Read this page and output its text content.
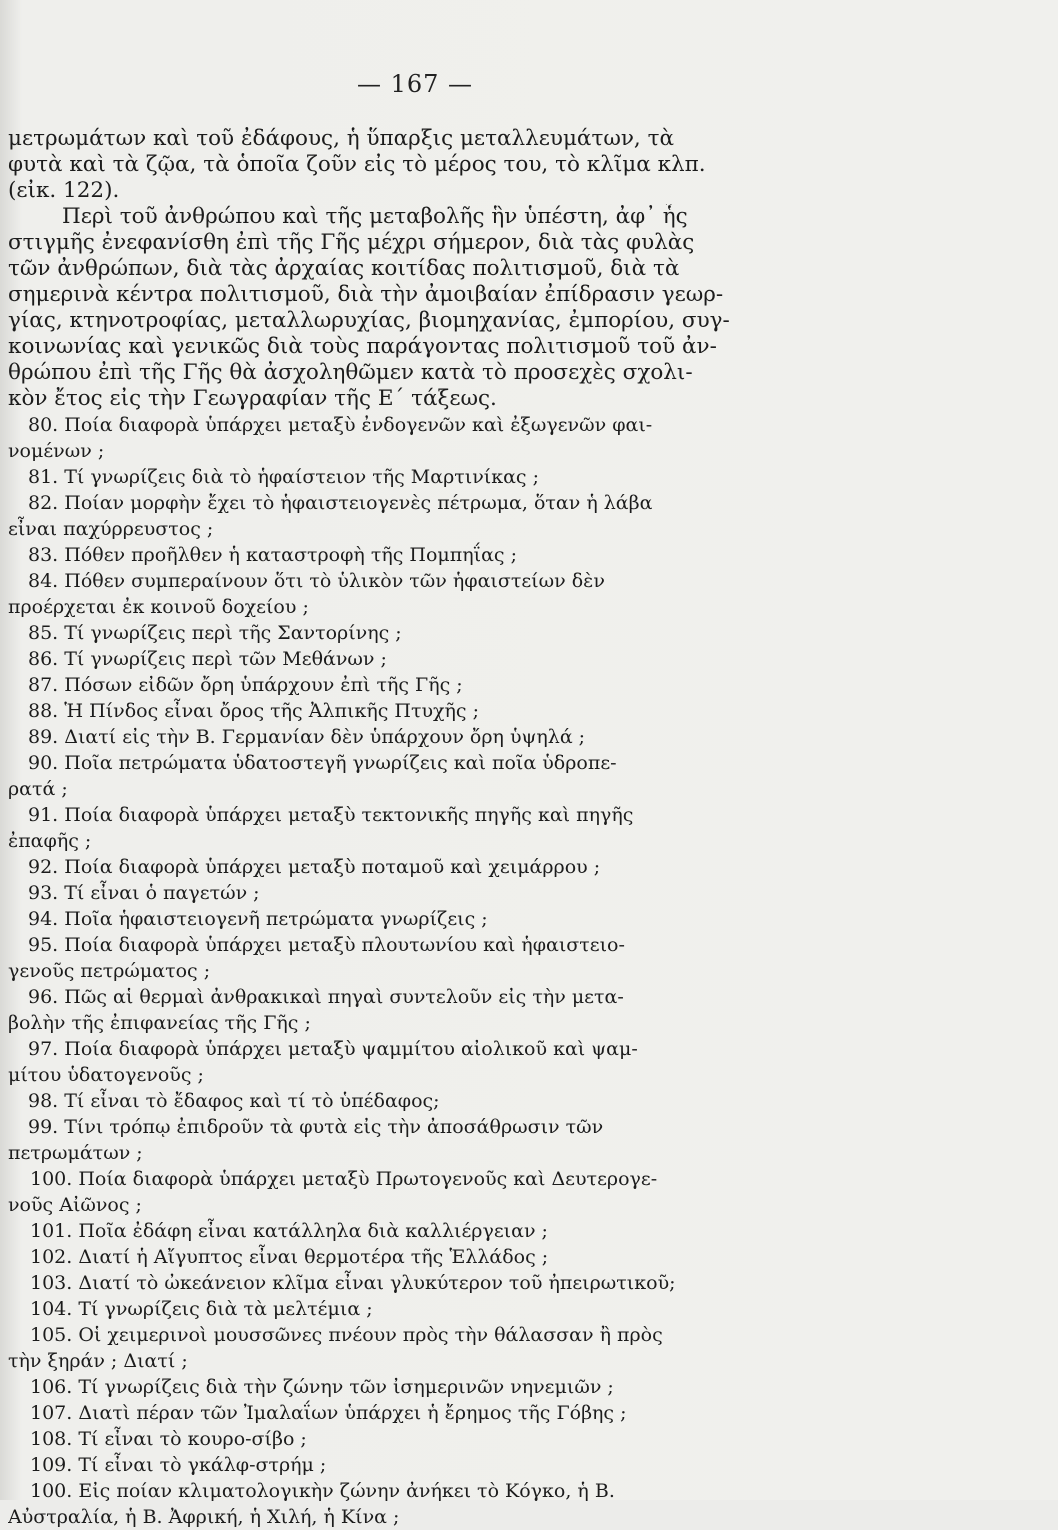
— 167 —
μετρωμάτων καὶ τοῦ ἐδάφους, ἡ ὕπαρξις μεταλλευμάτων, τὰ
φυτὰ καὶ τὰ ζῷα, τὰ ὁποῖα ζοῦν εἰς τὸ μέρος του, τὸ κλῖμα κλπ.
(εἰκ. 122).
Περὶ τοῦ ἀνθρώπου καὶ τῆς μεταβολῆς ἣν ὑπέστη, ἀφ᾽ ἧς
στιγμῆς ἐνεφανίσθη ἐπὶ τῆς Γῆς μέχρι σήμερον, διὰ τὰς φυλὰς
τῶν ἀνθρώπων, διὰ τὰς ἀρχαίας κοιτίδας πολιτισμοῦ, διὰ τὰ
σημερινὰ κέντρα πολιτισμοῦ, διὰ τὴν ἀμοιβαίαν ἐπίδρασιν γεωρ-
γίας, κτηνοτροφίας, μεταλλωρυχίας, βιομηχανίας, ἐμπορίου, συγ-
κοινωνίας καὶ γενικῶς διὰ τοὺς παράγοντας πολιτισμοῦ τοῦ ἀν-
θρώπου ἐπὶ τῆς Γῆς θὰ ἀσχοληθῶμεν κατὰ τὸ προσεχὲς σχολι-
κὸν ἔτος εἰς τὴν Γεωγραφίαν τῆς Ε΄ τάξεως.
80. Ποία διαφορὰ ὑπάρχει μεταξὺ ἐνδογενῶν καὶ ἐξωγενῶν φαι-
νομένων ;
81. Τί γνωρίζεις διὰ τὸ ἡφαίστειον τῆς Μαρτινίκας ;
82. Ποίαν μορφὴν ἔχει τὸ ἡφαιστειογενὲς πέτρωμα, ὅταν ἡ λάβα
εἶναι παχύρρευστος ;
83. Πόθεν προῆλθεν ἡ καταστροφὴ τῆς Πομπηΐας ;
84. Πόθεν συμπεραίνουν ὅτι τὸ ὑλικὸν τῶν ἡφαιστείων δὲν
προέρχεται ἐκ κοινοῦ δοχείου ;
85. Τί γνωρίζεις περὶ τῆς Σαντορίνης ;
86. Τί γνωρίζεις περὶ τῶν Μεθάνων ;
87. Πόσων εἰδῶν ὄρη ὑπάρχουν ἐπὶ τῆς Γῆς ;
88. Ἡ Πίνδος εἶναι ὄρος τῆς Ἀλπικῆς Πτυχῆς ;
89. Διατί εἰς τὴν Β. Γερμανίαν δὲν ὑπάρχουν ὄρη ὑψηλά ;
90. Ποῖα πετρώματα ὑδατοστεγῆ γνωρίζεις καὶ ποῖα ὑδροπε-
ρατά ;
91. Ποία διαφορὰ ὑπάρχει μεταξὺ τεκτονικῆς πηγῆς καὶ πηγῆς
ἐπαφῆς ;
92. Ποία διαφορὰ ὑπάρχει μεταξὺ ποταμοῦ καὶ χειμάρρου ;
93. Τί εἶναι ὁ παγετών ;
94. Ποῖα ἡφαιστειογενῆ πετρώματα γνωρίζεις ;
95. Ποία διαφορὰ ὑπάρχει μεταξὺ πλουτωνίου καὶ ἡφαιστειο-
γενοῦς πετρώματος ;
96. Πῶς αἱ θερμαὶ ἀνθρακικαὶ πηγαὶ συντελοῦν εἰς τὴν μετα-
βολὴν τῆς ἐπιφανείας τῆς Γῆς ;
97. Ποία διαφορὰ ὑπάρχει μεταξὺ ψαμμίτου αἰολικοῦ καὶ ψαμ-
μίτου ὑδατογενοῦς ;
98. Τί εἶναι τὸ ἔδαφος καὶ τί τὸ ὑπέδαφος;
99. Τίνι τρόπῳ ἐπιδροῦν τὰ φυτὰ εἰς τὴν ἀποσάθρωσιν τῶν
πετρωμάτων ;
100. Ποία διαφορὰ ὑπάρχει μεταξὺ Πρωτογενοῦς καὶ Δευτερογε-
νοῦς Αἰῶνος ;
101. Ποῖα ἐδάφη εἶναι κατάλληλα διὰ καλλιέργειαν ;
102. Διατί ἡ Αἴγυπτος εἶναι θερμοτέρα τῆς Ἑλλάδος ;
103. Διατί τὸ ὠκεάνειον κλῖμα εἶναι γλυκύτερον τοῦ ἠπειρωτικοῦ;
104. Τί γνωρίζεις διὰ τὰ μελτέμια ;
105. Οἱ χειμερινοὶ μουσσῶνες πνέουν πρὸς τὴν θάλασσαν ἢ πρὸς
τὴν ξηράν ; Διατί ;
106. Τί γνωρίζεις διὰ τὴν ζώνην τῶν ἰσημερινῶν νηνεμιῶν ;
107. Διατὶ πέραν τῶν Ἰμαλαΐων ὑπάρχει ἡ ἔρημος τῆς Γόβης ;
108. Τί εἶναι τὸ κουρο-σίβο ;
109. Τί εἶναι τὸ γκάλφ-στρήμ ;
100. Εἰς ποίαν κλιματολογικὴν ζώνην ἀνήκει τὸ Κόγκο, ἡ Β.
Αὐστραλία, ἡ Β. Ἀφρική, ἡ Χιλή, ἡ Κίνα ;
